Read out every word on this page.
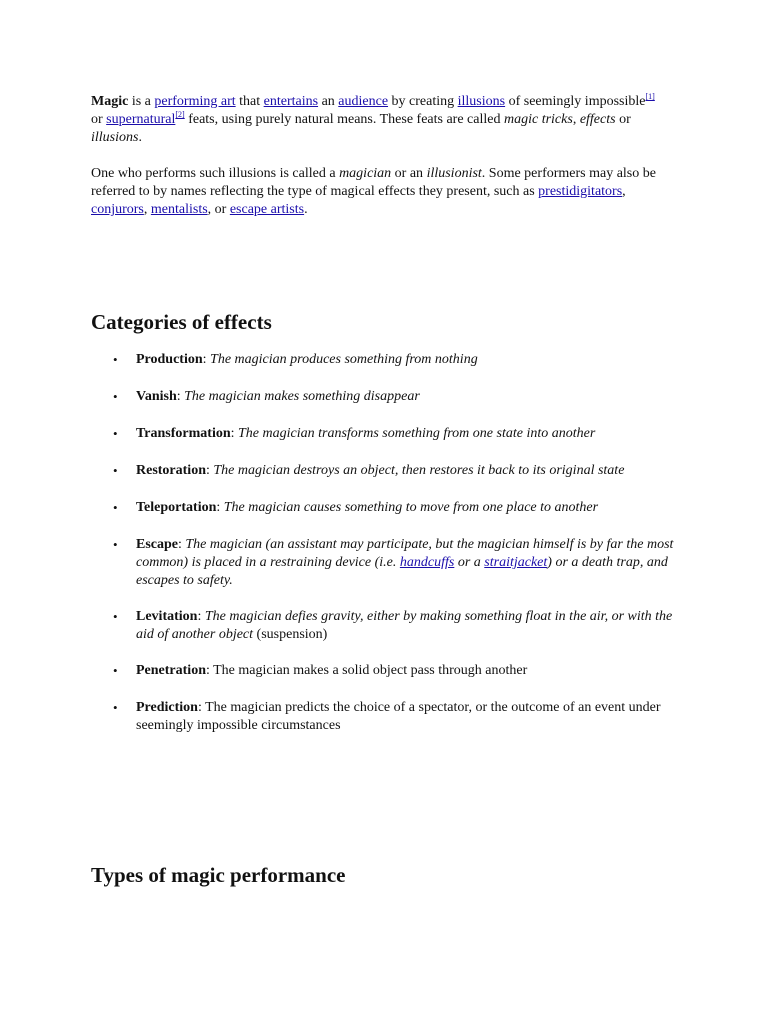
Magic is a performing art that entertains an audience by creating illusions of seemingly impossible[1] or supernatural[2] feats, using purely natural means. These feats are called magic tricks, effects or illusions.

One who performs such illusions is called a magician or an illusionist. Some performers may also be referred to by names reflecting the type of magical effects they present, such as prestidigitators, conjurors, mentalists, or escape artists.

Categories of effects
• Production: The magician produces something from nothing
• Vanish: The magician makes something disappear
• Transformation: The magician transforms something from one state into another
• Restoration: The magician destroys an object, then restores it back to its original state
• Teleportation: The magician causes something to move from one place to another
• Escape: The magician (an assistant may participate, but the magician himself is by far the most common) is placed in a restraining device (i.e. handcuffs or a straitjacket) or a death trap, and escapes to safety.
• Levitation: The magician defies gravity, either by making something float in the air, or with the aid of another object (suspension)
• Penetration: The magician makes a solid object pass through another
• Prediction: The magician predicts the choice of a spectator, or the outcome of an event under seemingly impossible circumstances
Types of magic performance
